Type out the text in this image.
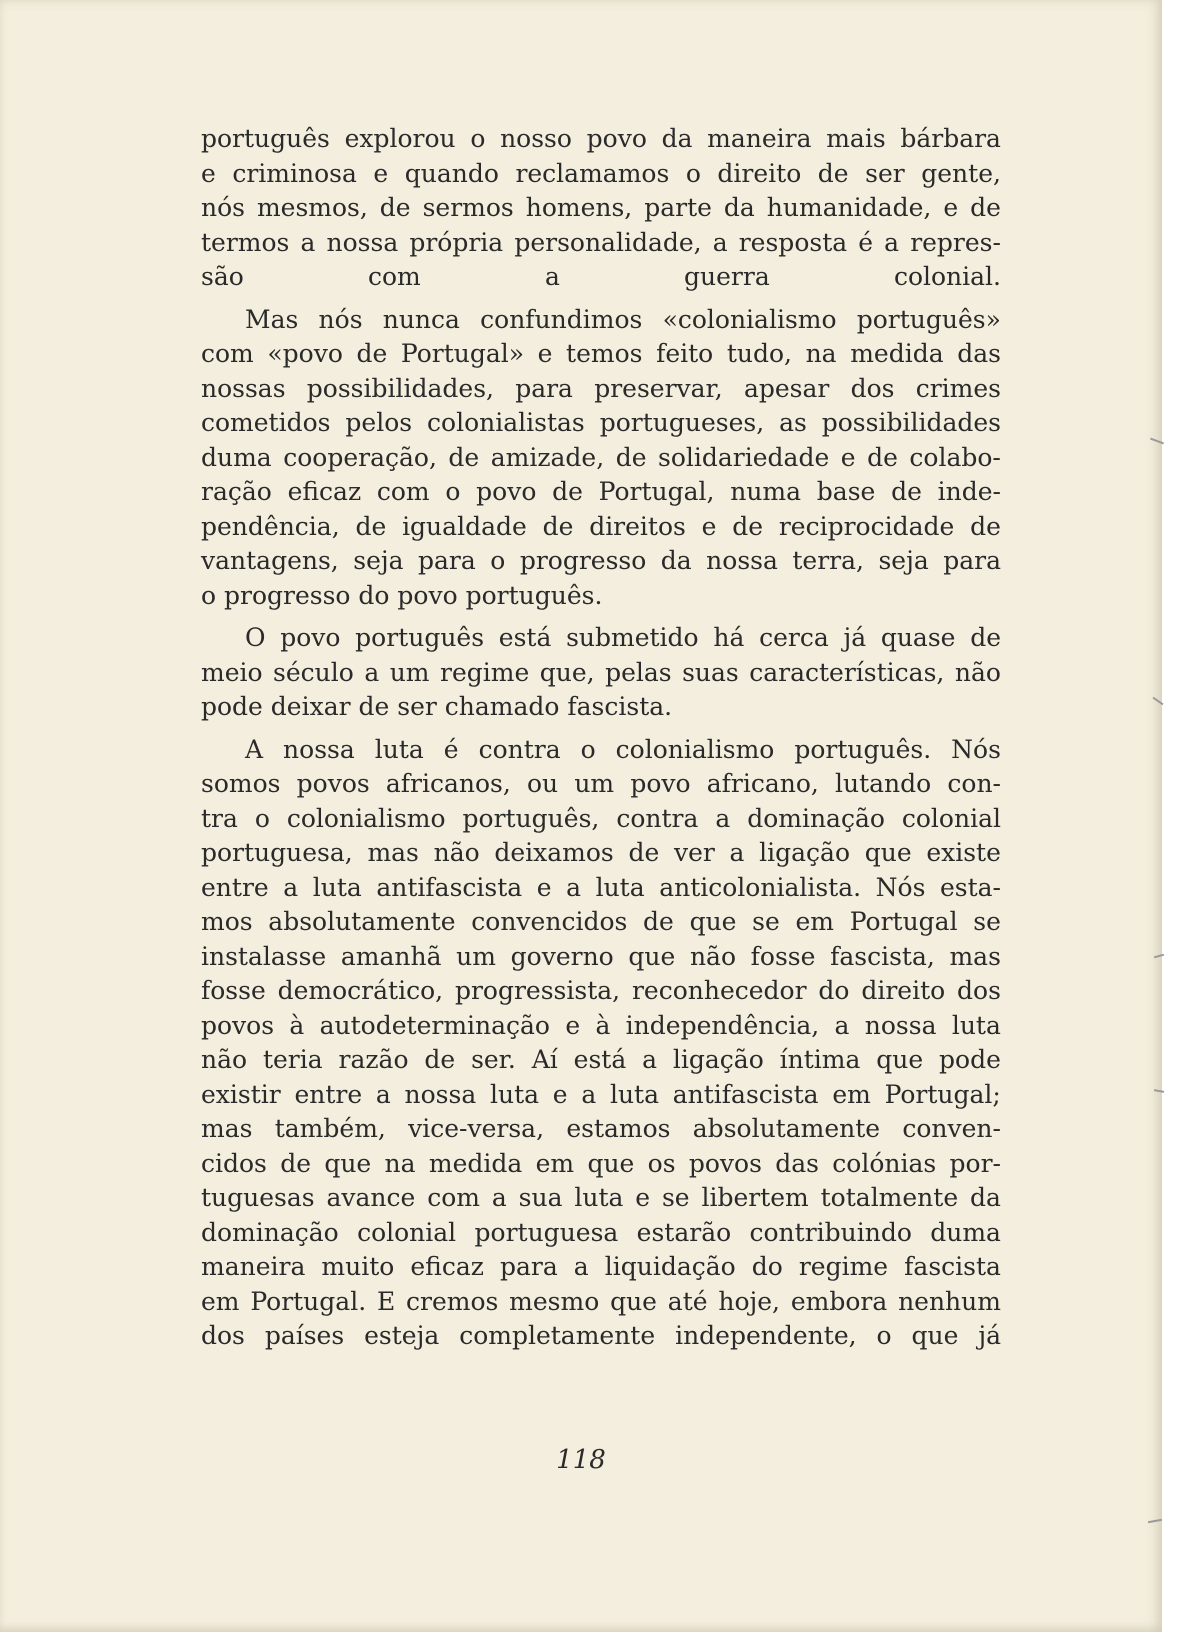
português explorou o nosso povo da maneira mais bárbara
e criminosa e quando reclamamos o direito de ser gente,
nós mesmos, de sermos homens, parte da humanidade, e de
termos a nossa própria personalidade, a resposta é a repres-
são	com	a	guerra	colonial.
Mas nós nunca confundimos «colonialismo português»
com «povo de Portugal» e temos feito tudo, na medida das
nossas possibilidades, para preservar, apesar dos crimes
cometidos pelos colonialistas portugueses, as possibilidades
duma cooperação, de amizade, de solidariedade e de colabo-
ração eficaz com o povo de Portugal, numa base de inde-
pendência, de igualdade de direitos e de reciprocidade de
vantagens, seja para o progresso da nossa terra, seja para
o progresso do povo português.
O povo português está submetido há cerca já quase de
meio século a um regime que, pelas suas características, não
pode deixar de ser chamado fascista.
A nossa luta é contra o colonialismo português. Nós
somos povos africanos, ou um povo africano, lutando con-
tra o colonialismo português, contra a dominação colonial
portuguesa, mas não deixamos de ver a ligação que existe
entre a luta antifascista e a luta anticolonialista. Nós esta-
mos absolutamente convencidos de que se em Portugal se
instalasse amanhã um governo que não fosse fascista, mas
fosse democrático, progressista, reconhecedor do direito dos
povos à autodeterminação e à independência, a nossa luta
não teria razão de ser. Aí está a ligação íntima que pode
existir entre a nossa luta e a luta antifascista em Portugal;
mas também, vice-versa, estamos absolutamente conven-
cidos de que na medida em que os povos das colónias por-
tuguesas avance com a sua luta e se libertem totalmente da
dominação colonial portuguesa estarão contribuindo duma
maneira muito eficaz para a liquidação do regime fascista
em Portugal. E cremos mesmo que até hoje, embora nenhum
dos países esteja completamente independente, o que já
118
